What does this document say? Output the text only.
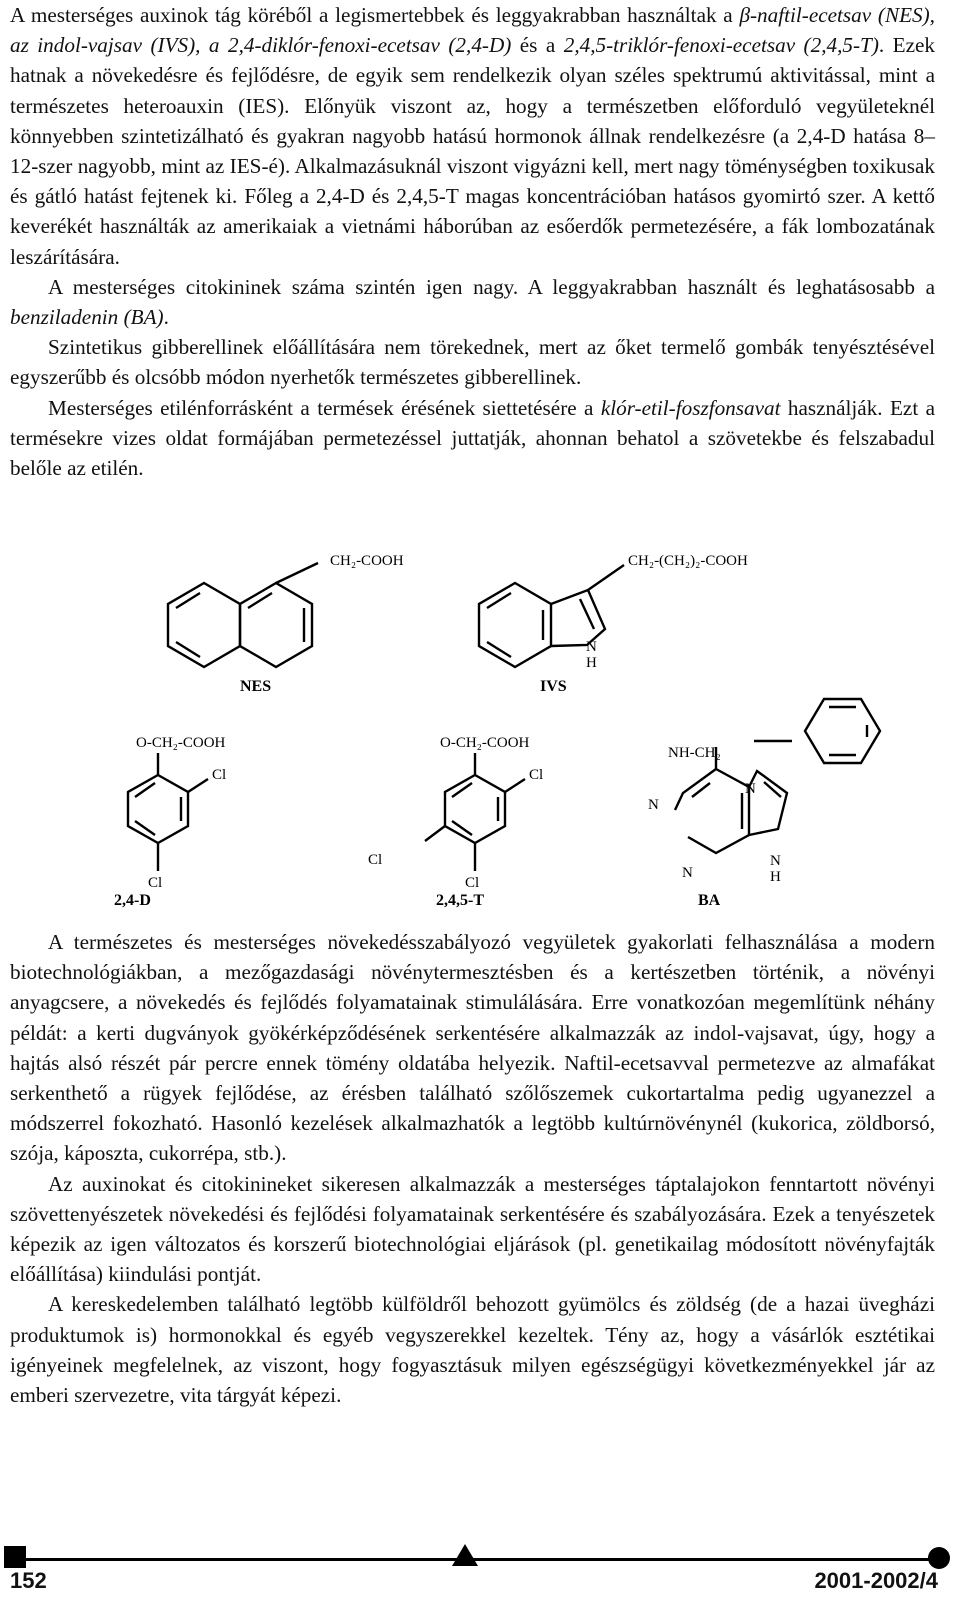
A mesterséges auxinok tág köréből a legismertebbek és leggyakrabban használtak a β-naftil-ecetsav (NES), az indol-vajsav (IVS), a 2,4-diklór-fenoxi-ecetsav (2,4-D) és a 2,4,5-triklór-fenoxi-ecetsav (2,4,5-T). Ezek hatnak a növekedésre és fejlődésre, de egyik sem rendelkezik olyan széles spektrumú aktivitással, mint a természetes heteroauxin (IES). Előnyük viszont az, hogy a természetben előforduló vegyületeknél könnyebben szintetizálható és gyakran nagyobb hatású hormonok állnak rendelkezésre (a 2,4-D hatása 8–12-szer nagyobb, mint az IES-é). Alkalmazásuknál viszont vigyázni kell, mert nagy töménységben toxikusak és gátló hatást fejtenek ki. Főleg a 2,4-D és 2,4,5-T magas koncentrációban hatásos gyomirtó szer. A kettő keverékét használták az amerikaiak a vietnámi háborúban az esőerdők permetezésére, a fák lombozatának leszárítására.

A mesterséges citokininek száma szintén igen nagy. A leggyakrabban használt és leghatásosabb a benziladenin (BA).

Szintetikus gibberellinek előállítására nem törekednek, mert az őket termelő gombák tenyésztésével egyszerűbb és olcsóbb módon nyerhetők természetes gibberellinek.

Mesterséges etilénforrásként a termések érésének siettetésére a klór-etil-foszfonsavat használják. Ezt a termésekre vizes oldat formájában permetezéssel juttatják, ahonnan behatol a szövetekbe és felszabadul belőle az etilén.

CH₂-COOH	CH₂-(CH₂)₂-COOH
N
H
O-CH₂-COOH
Cl
Cl
O-CH₂-COOH
Cl
Cl
Cl
NH-CH₂
N
N
N
N
H
NES	IVS
2,4-D	2,4,5-T	BA

A természetes és mesterséges növekedésszabályozó vegyületek gyakorlati felhasználása a modern biotechnológiákban, a mezőgazdasági növénytermesztésben és a kertészetben történik, a növényi anyagcsere, a növekedés és fejlődés folyamatainak stimulálására. Erre vonatkozóan megemlítünk néhány példát: a kerti dugványok gyökérképződésének serkentésére alkalmazzák az indol-vajsavat, úgy, hogy a hajtás alsó részét pár percre ennek tömény oldatába helyezik. Naftil-ecetsavval permetezve az almafákat serkenthető a rügyek fejlődése, az érésben található szőlőszemek cukortartalma pedig ugyanezzel a módszerrel fokozható. Hasonló kezelések alkalmazhatók a legtöbb kultúrnövénynél (kukorica, zöldborsó, szója, káposzta, cukorrépa, stb.).

Az auxinokat és citokinineket sikeresen alkalmazzák a mesterséges táptalajokon fenntartott növényi szövettenyészetek növekedési és fejlődési folyamatainak serkentésére és szabályozására. Ezek a tenyészetek képezik az igen változatos és korszerű biotechnológiai eljárások (pl. genetikailag módosított növényfajták előállítása) kiindulási pontját.

A kereskedelemben található legtöbb külföldről behozott gyümölcs és zöldség (de a hazai üvegházi produktumok is) hormonokkal és egyéb vegyszerekkel kezeltek. Tény az, hogy a vásárlók esztétikai igényeinek megfelelnek, az viszont, hogy fogyasztásuk milyen egészségügyi következményekkel jár az emberi szervezetre, vita tárgyát képezi.

152	2001-2002/4
